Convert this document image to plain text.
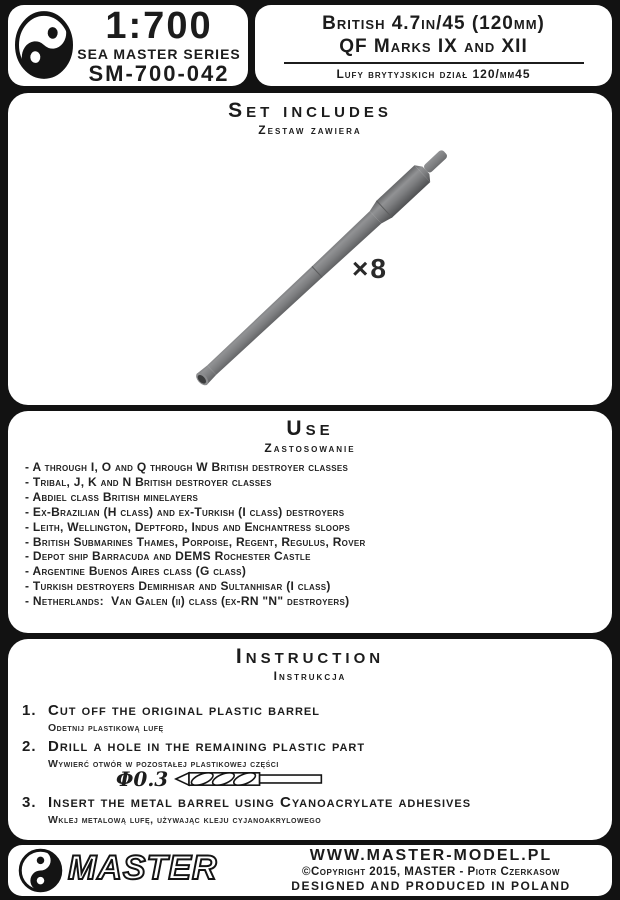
1:700
SEA MASTER SERIES
SM-700-042
British 4.7in/45 (120mm)
QF Marks IX and XII
Lufy brytyjskich dział 120/mm45
Set includes
Zestaw zawiera
×8
Use
Zastosowanie
- A through I, O and Q through W British destroyer classes
- Tribal, J, K and N British destroyer classes
- Abdiel class British minelayers
- Ex-Brazilian (H class) and ex-Turkish (I class) destroyers
- Leith, Wellington, Deptford, Indus and Enchantress sloops
- British Submarines Thames, Porpoise, Regent, Regulus, Rover
- Depot ship Barracuda and DEMS Rochester Castle
- Argentine Buenos Aires class (G class)
- Turkish destroyers Demirhisar and Sultanhisar (I class)
- Netherlands:  Van Galen (ii) class (ex-RN "N" destroyers)
Instruction
Instrukcja
1. Cut off the original plastic barrel
Odetnij plastikową lufę
2. Drill a hole in the remaining plastic part
Wywierć otwór w pozostałej plastikowej części
Φ0.3
3. Insert the metal barrel using Cyanoacrylate adhesives
Wklej metalową lufę, używając kleju cyjanoakrylowego
MASTER	WWW.MASTER-MODEL.PL
©Copyright 2015, MASTER - Piotr Czerkasow
DESIGNED AND PRODUCED IN POLAND
